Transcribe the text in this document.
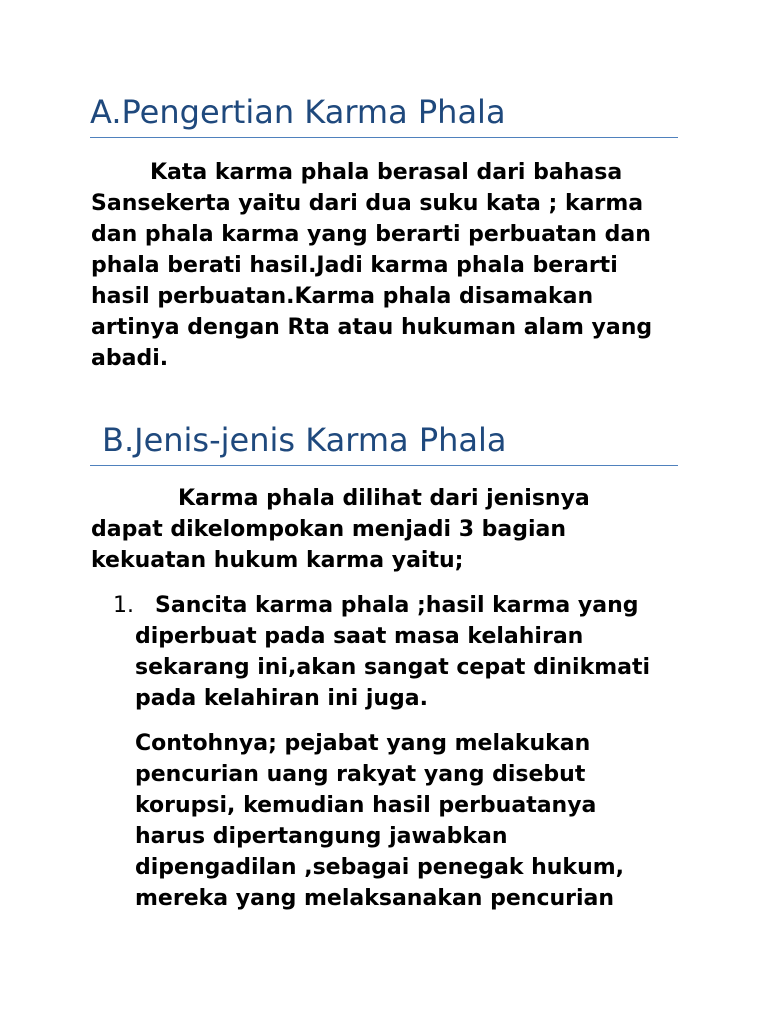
A.Pengertian Karma Phala
Kata karma phala berasal dari bahasa
Sansekerta yaitu dari dua suku kata ; karma
dan phala karma yang berarti perbuatan dan
phala berati hasil.Jadi karma phala berarti
hasil perbuatan.Karma phala disamakan
artinya dengan Rta atau hukuman alam yang
abadi.
B.Jenis-jenis Karma Phala
Karma phala dilihat dari jenisnya
dapat dikelompokan menjadi 3 bagian
kekuatan hukum karma yaitu;
1. Sancita karma phala ;hasil karma yang
diperbuat pada saat masa kelahiran
sekarang ini,akan sangat cepat dinikmati
pada kelahiran ini juga.
Contohnya; pejabat yang melakukan
pencurian uang rakyat yang disebut
korupsi, kemudian hasil perbuatanya
harus dipertangung jawabkan
dipengadilan ,sebagai penegak hukum,
mereka yang melaksanakan pencurian
